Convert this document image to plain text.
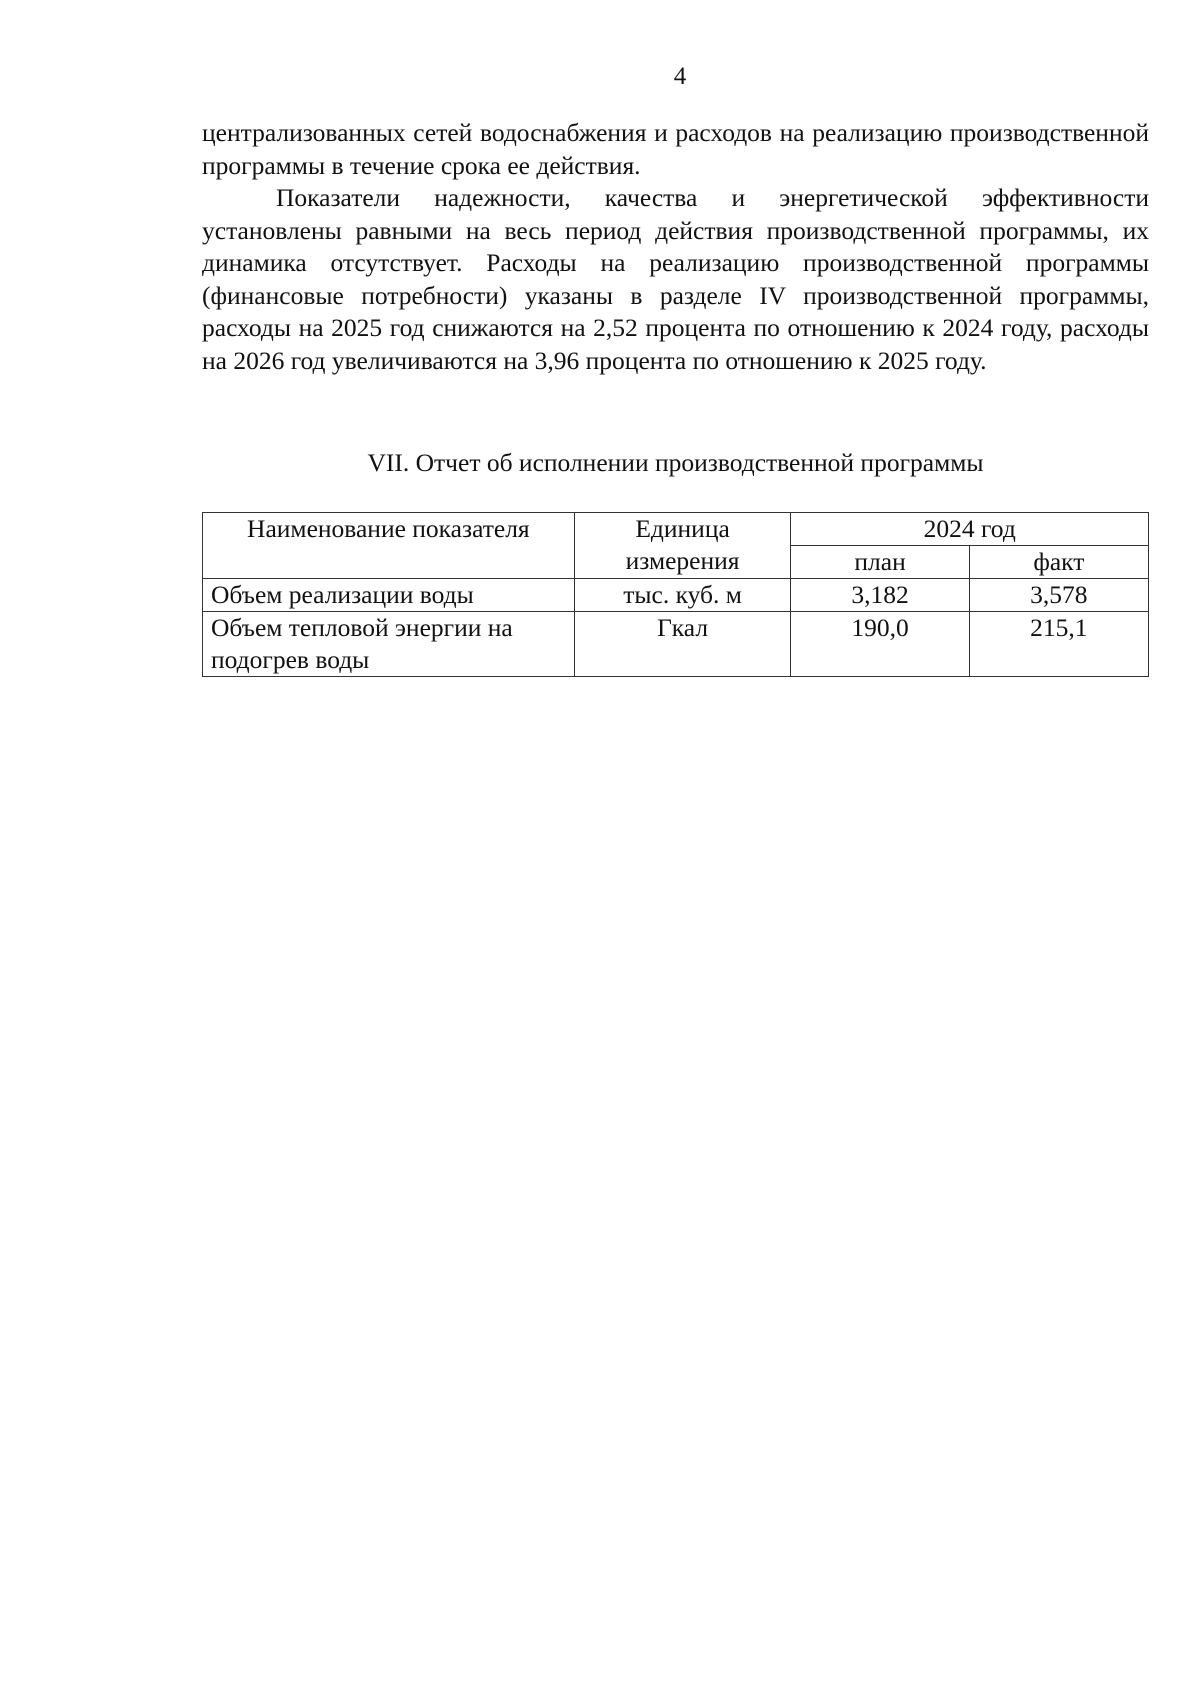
4

централизованных сетей водоснабжения и расходов на реализацию производственной программы в течение срока ее действия.

Показатели надежности, качества и энергетической эффективности установлены равными на весь период действия производственной программы, их динамика отсутствует. Расходы на реализацию производственной программы (финансовые потребности) указаны в разделе IV производственной программы, расходы на 2025 год снижаются на 2,52 процента по отношению к 2024 году, расходы на 2026 год увеличиваются на 3,96 процента по отношению к 2025 году.

VII. Отчет об исполнении производственной программы
Наименование показателя	Единица измерения	2024 год	
		план	факт
Объем реализации воды	тыс. куб. м	3,182	3,578
Объем тепловой энергии на подогрев воды	Гкал	190,0	215,1
